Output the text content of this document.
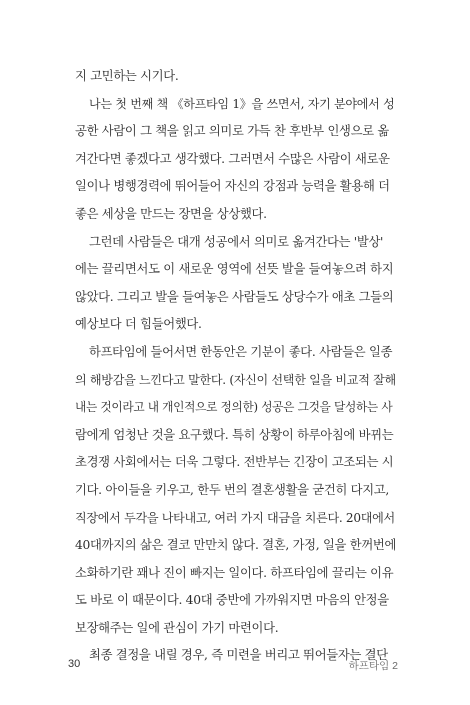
지 고민하는 시기다.
나는 첫 번째 책 《하프타임 1》을 쓰면서, 자기 분야에서 성
공한 사람이 그 책을 읽고 의미로 가득 찬 후반부 인생으로 옮
겨간다면 좋겠다고 생각했다. 그러면서 수많은 사람이 새로운
일이나 병행경력에 뛰어들어 자신의 강점과 능력을 활용해 더
좋은 세상을 만드는 장면을 상상했다.
그런데 사람들은 대개 성공에서 의미로 옮겨간다는 '발상'
에는 끌리면서도 이 새로운 영역에 선뜻 발을 들여놓으려 하지
않았다. 그리고 발을 들여놓은 사람들도 상당수가 애초 그들의
예상보다 더 힘들어했다.
하프타임에 들어서면 한동안은 기분이 좋다. 사람들은 일종
의 해방감을 느낀다고 말한다. (자신이 선택한 일을 비교적 잘해
내는 것이라고 내 개인적으로 정의한) 성공은 그것을 달성하는 사
람에게 엄청난 것을 요구했다. 특히 상황이 하루아침에 바뀌는
초경쟁 사회에서는 더욱 그렇다. 전반부는 긴장이 고조되는 시
기다. 아이들을 키우고, 한두 번의 결혼생활을 굳건히 다지고,
직장에서 두각을 나타내고, 여러 가지 대금을 치른다. 20대에서
40대까지의 삶은 결코 만만치 않다. 결혼, 가정, 일을 한꺼번에
소화하기란 꽤나 진이 빠지는 일이다. 하프타임에 끌리는 이유
도 바로 이 때문이다. 40대 중반에 가까워지면 마음의 안정을
보장해주는 일에 관심이 가기 마련이다.
최종 결정을 내릴 경우, 즉 미련을 버리고 뛰어들자는 결단

30	하프타임 2
